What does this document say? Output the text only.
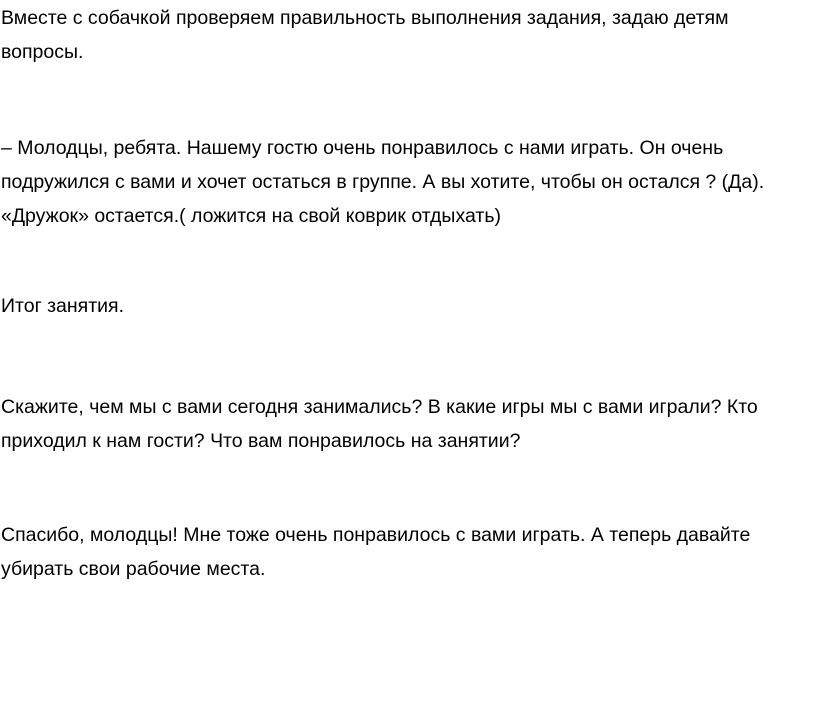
Вместе с собачкой проверяем правильность выполнения задания, задаю детям
вопросы.

– Молодцы, ребята. Нашему гостю очень понравилось с нами играть. Он очень
подружился с вами и хочет остаться в группе. А вы хотите, чтобы он остался ? (Да).
«Дружок» остается.( ложится на свой коврик отдыхать)

Итог занятия.

Скажите, чем мы с вами сегодня занимались? В какие игры мы с вами играли? Кто
приходил к нам гости? Что вам понравилось на занятии?

Спасибо, молодцы! Мне тоже очень понравилось с вами играть. А теперь давайте
убирать свои рабочие места.
